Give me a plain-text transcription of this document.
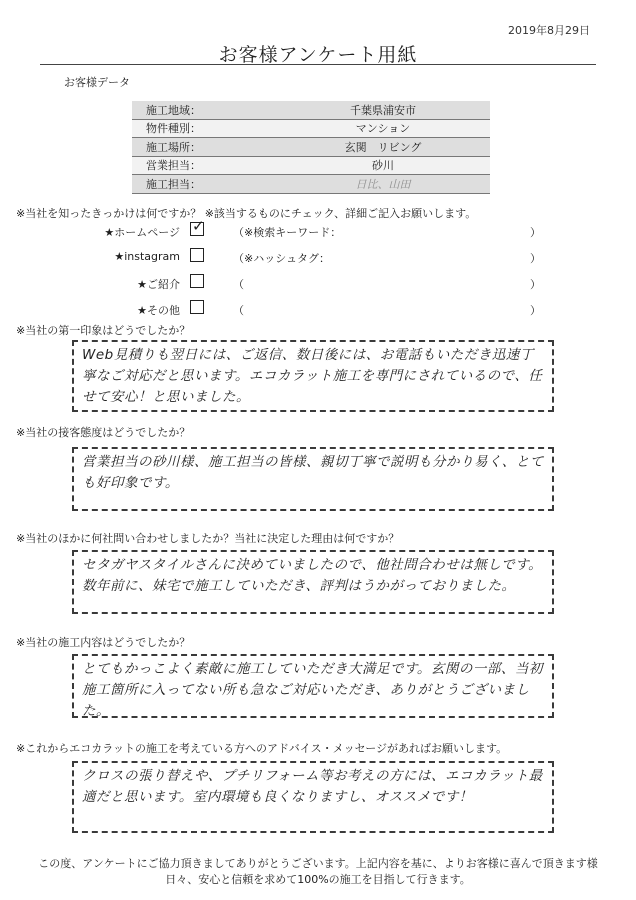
2019年8月29日
お客様アンケート用紙
お客様データ
施工地域：	千葉県浦安市
物件種別：	マンション
施工場所：	玄関　リビング
営業担当：	砂川
施工担当：	日比、山田
※当社を知ったきっかけは何ですか？ ※該当するものにチェック、詳細ご記入お願いします。
★ホームページ ✓	（※検索キーワード：	）
★instagram	（※ハッシュタグ：	）
★ご紹介	（	）
★その他	（	）
※当社の第一印象はどうでしたか？
Web見積りも翌日には、ご返信、数日後には、お電話もいただき迅速丁寧なご対応だと思います。エコカラット施工を専門にされているので、任せて安心！と思いました。
※当社の接客態度はどうでしたか？
営業担当の砂川様、施工担当の皆様、親切丁寧で説明も分かり易く、とても好印象です。
※当社のほかに何社問い合わせしましたか？当社に決定した理由は何ですか？
セタガヤスタイルさんに決めていましたので、他社問合わせは無しです。数年前に、妹宅で施工していただき、評判はうかがっておりました。
※当社の施工内容はどうでしたか？
とてもかっこよく素敵に施工していただき大満足です。玄関の一部、当初施工箇所に入ってない所も急なご対応いただき、ありがとうございました。
※これからエコカラットの施工を考えている方へのアドバイス・メッセージがあればお願いします。
クロスの張り替えや、プチリフォーム等お考えの方には、エコカラット最適だと思います。室内環境も良くなりますし、オススメです！
この度、アンケートにご協力頂きましてありがとうございます。上記内容を基に、よりお客様に喜んで頂きます様
日々、安心と信頼を求めて100%の施工を目指して行きます。
